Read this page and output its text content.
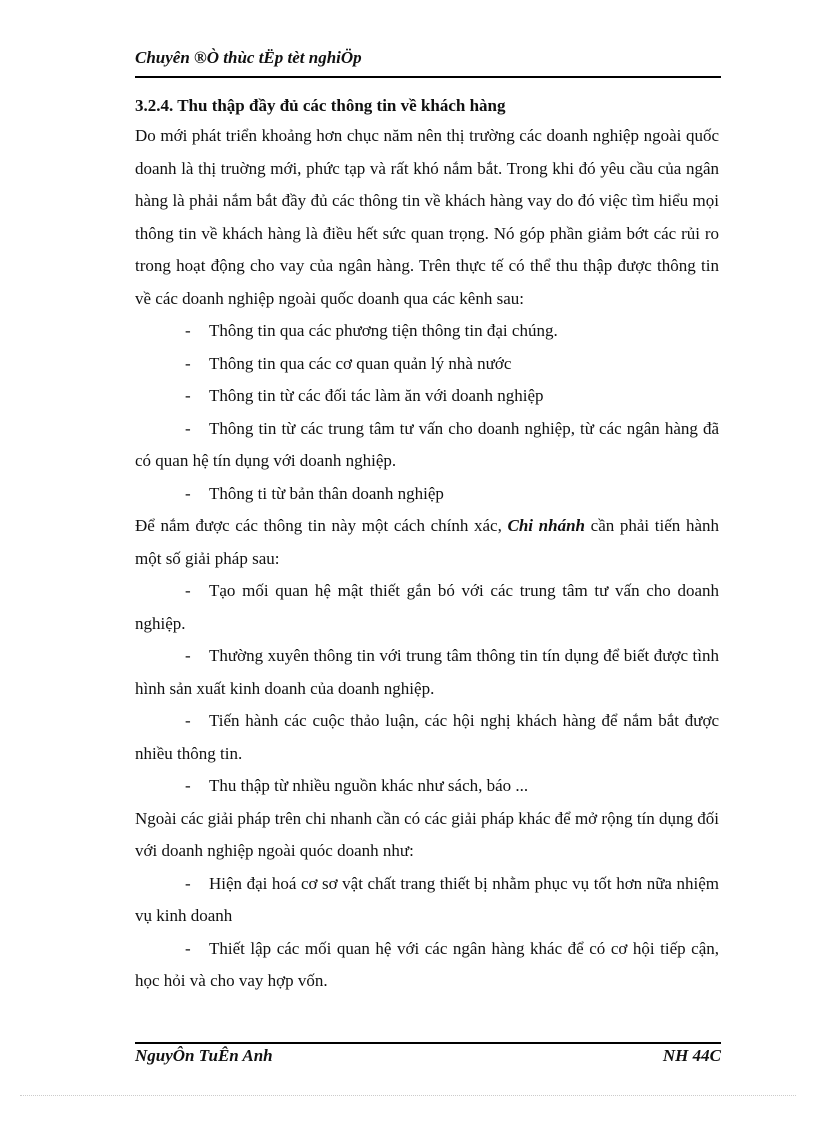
Chuyên ®Ò thùc tËp tèt nghiÖp

3.2.4. Thu thập đầy đủ các thông tin về khách hàng

Do mới phát triển khoảng hơn chục năm nên thị trường các doanh nghiệp ngoài quốc doanh là thị truờng mới, phức tạp và rất khó nắm bắt. Trong khi đó yêu cầu của ngân hàng là phải nắm bắt đầy đủ các thông tin về khách hàng vay do đó việc tìm hiểu mọi thông tin về khách hàng là điều hết sức quan trọng. Nó góp phần giảm bớt các rủi ro trong hoạt động cho vay của ngân hàng. Trên thực tế có thể thu thập được thông tin về các doanh nghiệp ngoài quốc doanh qua các kênh sau:

- Thông tin qua các phương tiện thông tin đại chúng.

- Thông tin qua các cơ quan quản lý nhà nước

- Thông tin từ các đối tác làm ăn với doanh nghiệp

- Thông tin từ các trung tâm tư vấn cho doanh nghiệp, từ các ngân hàng đã có quan hệ tín dụng với doanh nghiệp.

- Thông ti từ bản thân doanh nghiệp

Để nắm được các thông tin này một cách chính xác, Chi nhánh cần phải tiến hành một số giải pháp sau:

- Tạo mối quan hệ mật thiết gắn bó với các trung tâm tư vấn cho doanh nghiệp.

- Thường xuyên thông tin với trung tâm thông tin tín dụng để biết được tình hình sản xuất kinh doanh của doanh nghiệp.

- Tiến hành các cuộc thảo luận, các hội nghị khách hàng để nắm bắt được nhiều thông tin.

- Thu thập từ nhiều nguồn khác như sách, báo ...

Ngoài các giải pháp trên chi nhanh cần có các giải pháp khác để mở rộng tín dụng đối với doanh nghiệp ngoài quóc doanh như:

- Hiện đại hoá cơ sơ vật chất trang thiết bị nhằm phục vụ tốt hơn nữa nhiệm vụ kinh doanh

- Thiết lập các mối quan hệ với các ngân hàng khác để có cơ hội tiếp cận, học hỏi và cho vay hợp vốn.

NguyÔn TuÊn Anh	NH 44C
